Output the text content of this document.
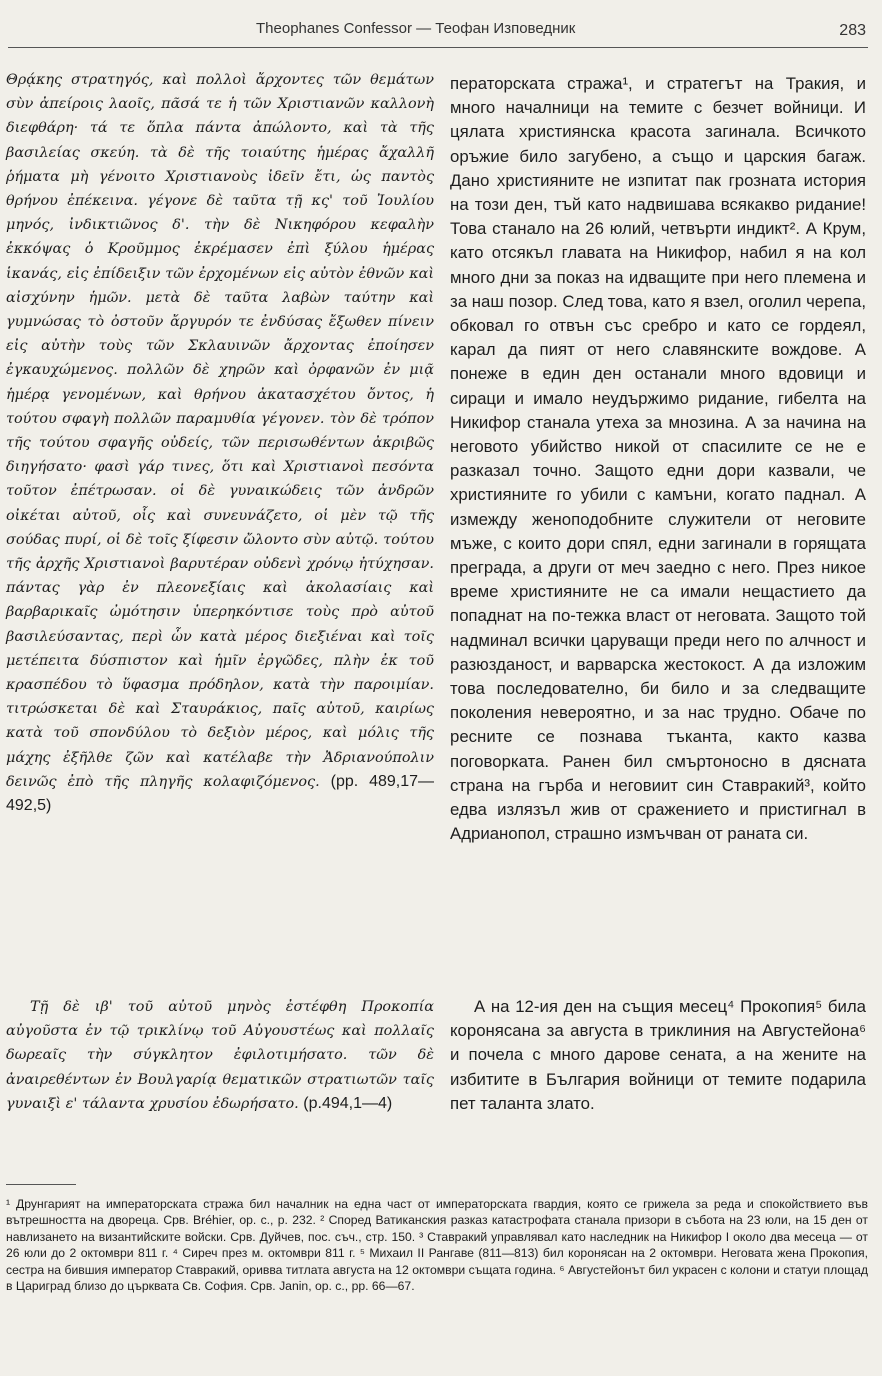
Theophanes Confessor — Теофан Изповедник	283

Θρᾴκης στρατηγός, καὶ πολλοὶ ἄρχοντες τῶν θεμάτων σὺν ἀπείροις λαοῖς, πᾶσά τε ἡ τῶν Χριστιανῶν καλλονὴ διεφθάρη· τά τε ὅπλα πάντα ἀπώλοντο, καὶ τὰ τῆς βασιλείας σκεύη. τὰ δὲ τῆς τοιαύτης ἡμέρας ἄχαλλῆ ῥήματα μὴ γένοιτο Χριστιανοὺς ἰδεῖν ἔτι, ὡς παντὸς θρήνου ἐπέκεινα. γέγονε δὲ ταῦτα τῇ κς' τοῦ Ἰουλίου μηνός, ἰνδικτιῶνος δ'. τὴν δὲ Νικηφόρου κεφαλὴν ἐκκόψας ὁ Κροῦμμος ἐκρέμασεν ἐπὶ ξύλου ἡμέρας ἱκανάς, εἰς ἐπίδειξιν τῶν ἐρχομένων εἰς αὐτὸν ἐθνῶν καὶ αἰσχύνην ἡμῶν. μετὰ δὲ ταῦτα λαβὼν ταύτην καὶ γυμνώσας τὸ ὀστοῦν ἄργυρόν τε ἐνδύσας ἔξωθεν πίνειν εἰς αὐτὴν τοὺς τῶν Σκλαυινῶν ἄρχοντας ἐποίησεν ἐγκαυχώμενος. πολλῶν δὲ χηρῶν καὶ ὀρφανῶν ἐν μιᾷ ἡμέρᾳ γενομένων, καὶ θρήνου ἀκατασχέτου ὄντος, ἡ τούτου σφαγὴ πολλῶν παραμυθία γέγονεν. τὸν δὲ τρόπον τῆς τούτου σφαγῆς οὐδείς, τῶν περισωθέντων ἀκριβῶς διηγήσατο· φασὶ γάρ τινες, ὅτι καὶ Χριστιανοὶ πεσόντα τοῦτον ἐπέτρωσαν. οἱ δὲ γυναικώδεις τῶν ἀνδρῶν οἰκέται αὐτοῦ, οἷς καὶ συνευνάζετο, οἱ μὲν τῷ τῆς σούδας πυρί, οἱ δὲ τοῖς ξίφεσιν ὤλοντο σὺν αὐτῷ. τούτου τῆς ἀρχῆς Χριστιανοὶ βαρυτέραν οὐδενὶ χρόνῳ ἠτύχησαν. πάντας γὰρ ἐν πλεονεξίαις καὶ ἀκολασίαις καὶ βαρβαρικαῖς ὠμότησιν ὑπερηκόντισε τοὺς πρὸ αὐτοῦ βασιλεύσαντας, περὶ ὧν κατὰ μέρος διεξιέναι καὶ τοῖς μετέπειτα δύσπιστον καὶ ἡμῖν ἐργῶδες, πλὴν ἐκ τοῦ κρασπέδου τὸ ὕφασμα πρόδηλον, κατὰ τὴν παροιμίαν. τιτρώσκεται δὲ καὶ Σταυράκιος, παῖς αὐτοῦ, καιρίως κατὰ τοῦ σπονδύλου τὸ δεξιὸν μέρος, καὶ μόλις τῆς μάχης ἐξῆλθε ζῶν καὶ κατέλαβε τὴν Ἀδριανούπολιν δεινῶς ἐπὸ τῆς πληγῆς κολαφιζόμενος. (pp. 489,17—492,5)

ператорската стража¹, и стратегът на Тракия, и много началници на темите с безчет войници. И цялата християнска красота загинала. Всичкото оръжие било загубено, а също и царския багаж. Дано християните не изпитат пак грозната история на този ден, тъй като надвишава всякакво ридание! Това станало на 26 юлий, четвърти индикт². А Крум, като отсякъл главата на Никифор, набил я на кол много дни за показ на идващите при него племена и за наш позор. След това, като я взел, оголил черепа, обковал го отвън със сребро и като се гордеял, карал да пият от него славянските вождове. А понеже в един ден останали много вдовици и сираци и имало неудържимо ридание, гибелта на Никифор станала утеха за мнозина. А за начина на неговото убийство никой от спасилите се не е разказал точно. Защото едни дори казвали, че християните го убили с камъни, когато паднал. А измежду женоподобните служители от неговите мъже, с които дори спял, едни загинали в горящата преграда, а други от меч заедно с него. През никое време християните не са имали нещастието да попаднат на по-тежка власт от неговата. Защото той надминал всички царуващи преди него по алчност и разюзданост, и варварска жестокост. А да изложим това последователно, би било и за следващите поколения невероятно, и за нас трудно. Обаче по ресните се познава тъканта, както казва поговорката. Ранен бил смъртоносно в дясната страна на гърба и неговиит син Ставракий³, който едва излязъл жив от сражението и пристигнал в Адрианопол, страшно измъчван от раната си.

Τῇ δὲ ιβ' τοῦ αὐτοῦ μηνὸς ἐστέφθη Προκοπία αὐγοῦστα ἐν τῷ τρικλίνῳ τοῦ Αὐγουστέως καὶ πολλαῖς δωρεαῖς τὴν σύγκλητον ἐφιλοτιμήσατο. τῶν δὲ ἀναιρεθέντων ἐν Βουλγαρίᾳ θεματικῶν στρατιωτῶν ταῖς γυναιξὶ ε' τάλαντα χρυσίου ἐδωρήσατο. (p.494,1—4)

А на 12-ия ден на същия месец⁴ Прокопия⁵ била коронясана за августа в триклиния на Августейона⁶ и почела с много дарове сената, а на жените на избитите в България войници от темите подарила пет таланта злато.

¹ Друнгарият на императорската стража бил началник на една част от императорската гвардия, която се грижела за реда и спокойствието във вътрешността на двореца. Срв. Bréhier, op. c., p. 232. ² Според Ватиканския разказ катастрофата станала призори в събота на 23 юли, на 15 ден от навлизането на византийските войски. Срв. Дуйчев, пос. съч., стр. 150. ³ Ставракий управлявал като наследник на Никифор I около два месеца — от 26 юли до 2 октомври 811 г. ⁴ Сиреч през м. октомври 811 г. ⁵ Михаил II Рангаве (811—813) бил коронясан на 2 октомври. Неговата жена Прокопия, сестра на бившия император Ставракий, оривва титлата августа на 12 октомври същата година. ⁶ Августейонът бил украсен с колони и статуи площад в Цариград близо до църквата Св. София. Срв. Janin, op. c., pp. 66—67.
